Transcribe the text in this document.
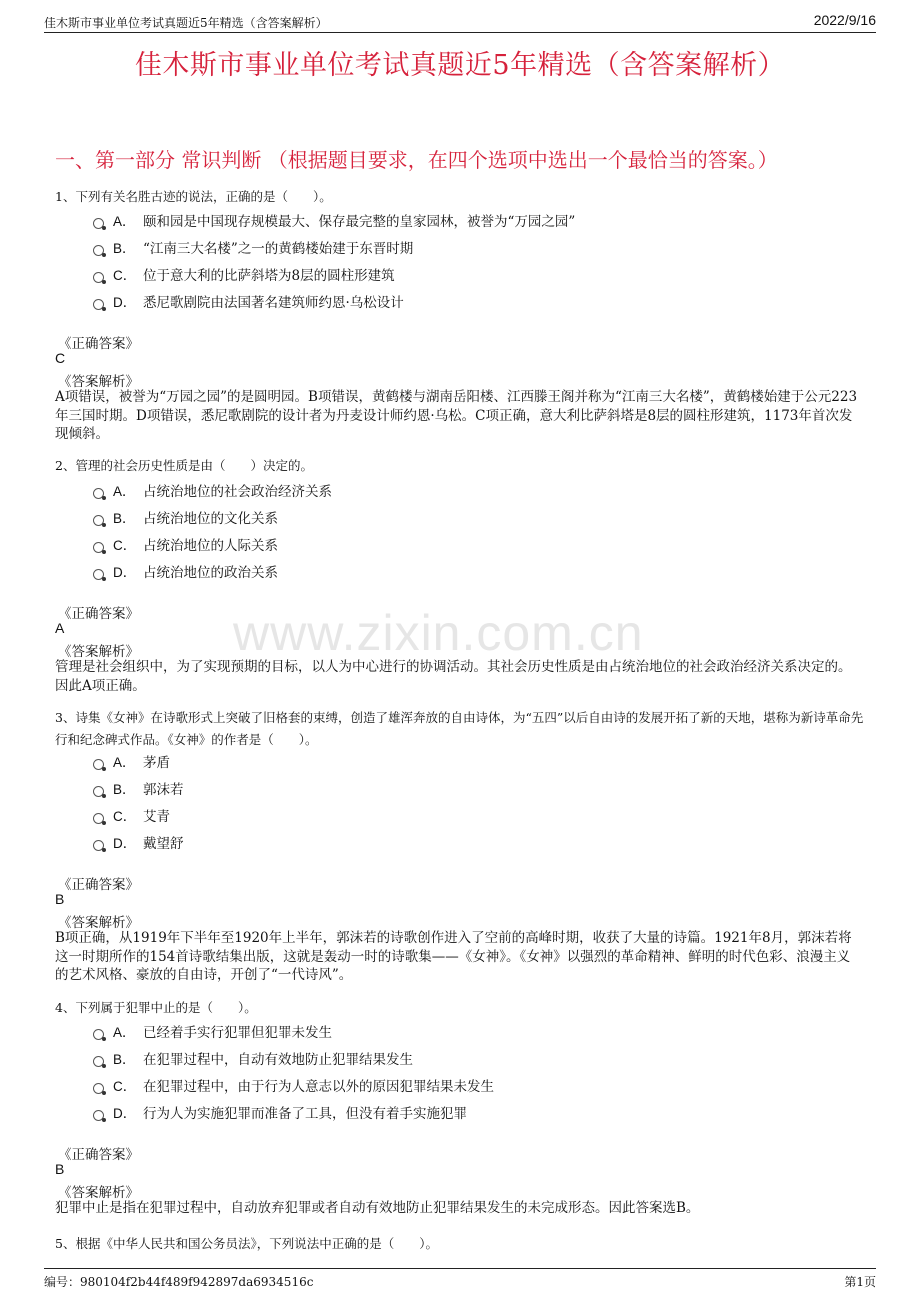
佳木斯市事业单位考试真题近5年精选（含答案解析）	2022/9/16
佳木斯市事业单位考试真题近5年精选（含答案解析）
一、第一部分 常识判断 （根据题目要求，在四个选项中选出一个最恰当的答案。）
1、下列有关名胜古迹的说法，正确的是（　　）。
A． 颐和园是中国现存规模最大、保存最完整的皇家园林，被誉为“万园之园”
B． “江南三大名楼”之一的黄鹤楼始建于东晋时期
C． 位于意大利的比萨斜塔为8层的圆柱形建筑
D． 悉尼歌剧院由法国著名建筑师约恩·乌松设计
《正确答案》
C
《答案解析》
A项错误，被誉为“万园之园”的是圆明园。B项错误，黄鹤楼与湖南岳阳楼、江西滕王阁并称为“江南三大名楼”，黄鹤楼始建于公元223年三国时期。D项错误，悉尼歌剧院的设计者为丹麦设计师约恩·乌松。C项正确，意大利比萨斜塔是8层的圆柱形建筑，1173年首次发现倾斜。
2、管理的社会历史性质是由（　　）决定的。
A． 占统治地位的社会政治经济关系
B． 占统治地位的文化关系
C． 占统治地位的人际关系
D． 占统治地位的政治关系
《正确答案》
A
《答案解析》
管理是社会组织中，为了实现预期的目标，以人为中心进行的协调活动。其社会历史性质是由占统治地位的社会政治经济关系决定的。因此A项正确。
www.zixin.com.cn
3、诗集《女神》在诗歌形式上突破了旧格套的束缚，创造了雄浑奔放的自由诗体，为“五四”以后自由诗的发展开拓了新的天地，堪称为新诗革命先行和纪念碑式作品。《女神》的作者是（　　）。
A． 茅盾
B． 郭沫若
C． 艾青
D． 戴望舒
《正确答案》
B
《答案解析》
B项正确，从1919年下半年至1920年上半年，郭沫若的诗歌创作进入了空前的高峰时期，收获了大量的诗篇。1921年8月，郭沫若将这一时期所作的154首诗歌结集出版，这就是轰动一时的诗歌集——《女神》。《女神》以强烈的革命精神、鲜明的时代色彩、浪漫主义的艺术风格、豪放的自由诗，开创了“一代诗风”。
4、下列属于犯罪中止的是（　　）。
A． 已经着手实行犯罪但犯罪未发生
B． 在犯罪过程中，自动有效地防止犯罪结果发生
C． 在犯罪过程中，由于行为人意志以外的原因犯罪结果未发生
D． 行为人为实施犯罪而准备了工具，但没有着手实施犯罪
《正确答案》
B
《答案解析》
犯罪中止是指在犯罪过程中，自动放弃犯罪或者自动有效地防止犯罪结果发生的未完成形态。因此答案选B。
5、根据《中华人民共和国公务员法》，下列说法中正确的是（　　）。
编号：980104f2b44f489f942897da6934516c	第1页
